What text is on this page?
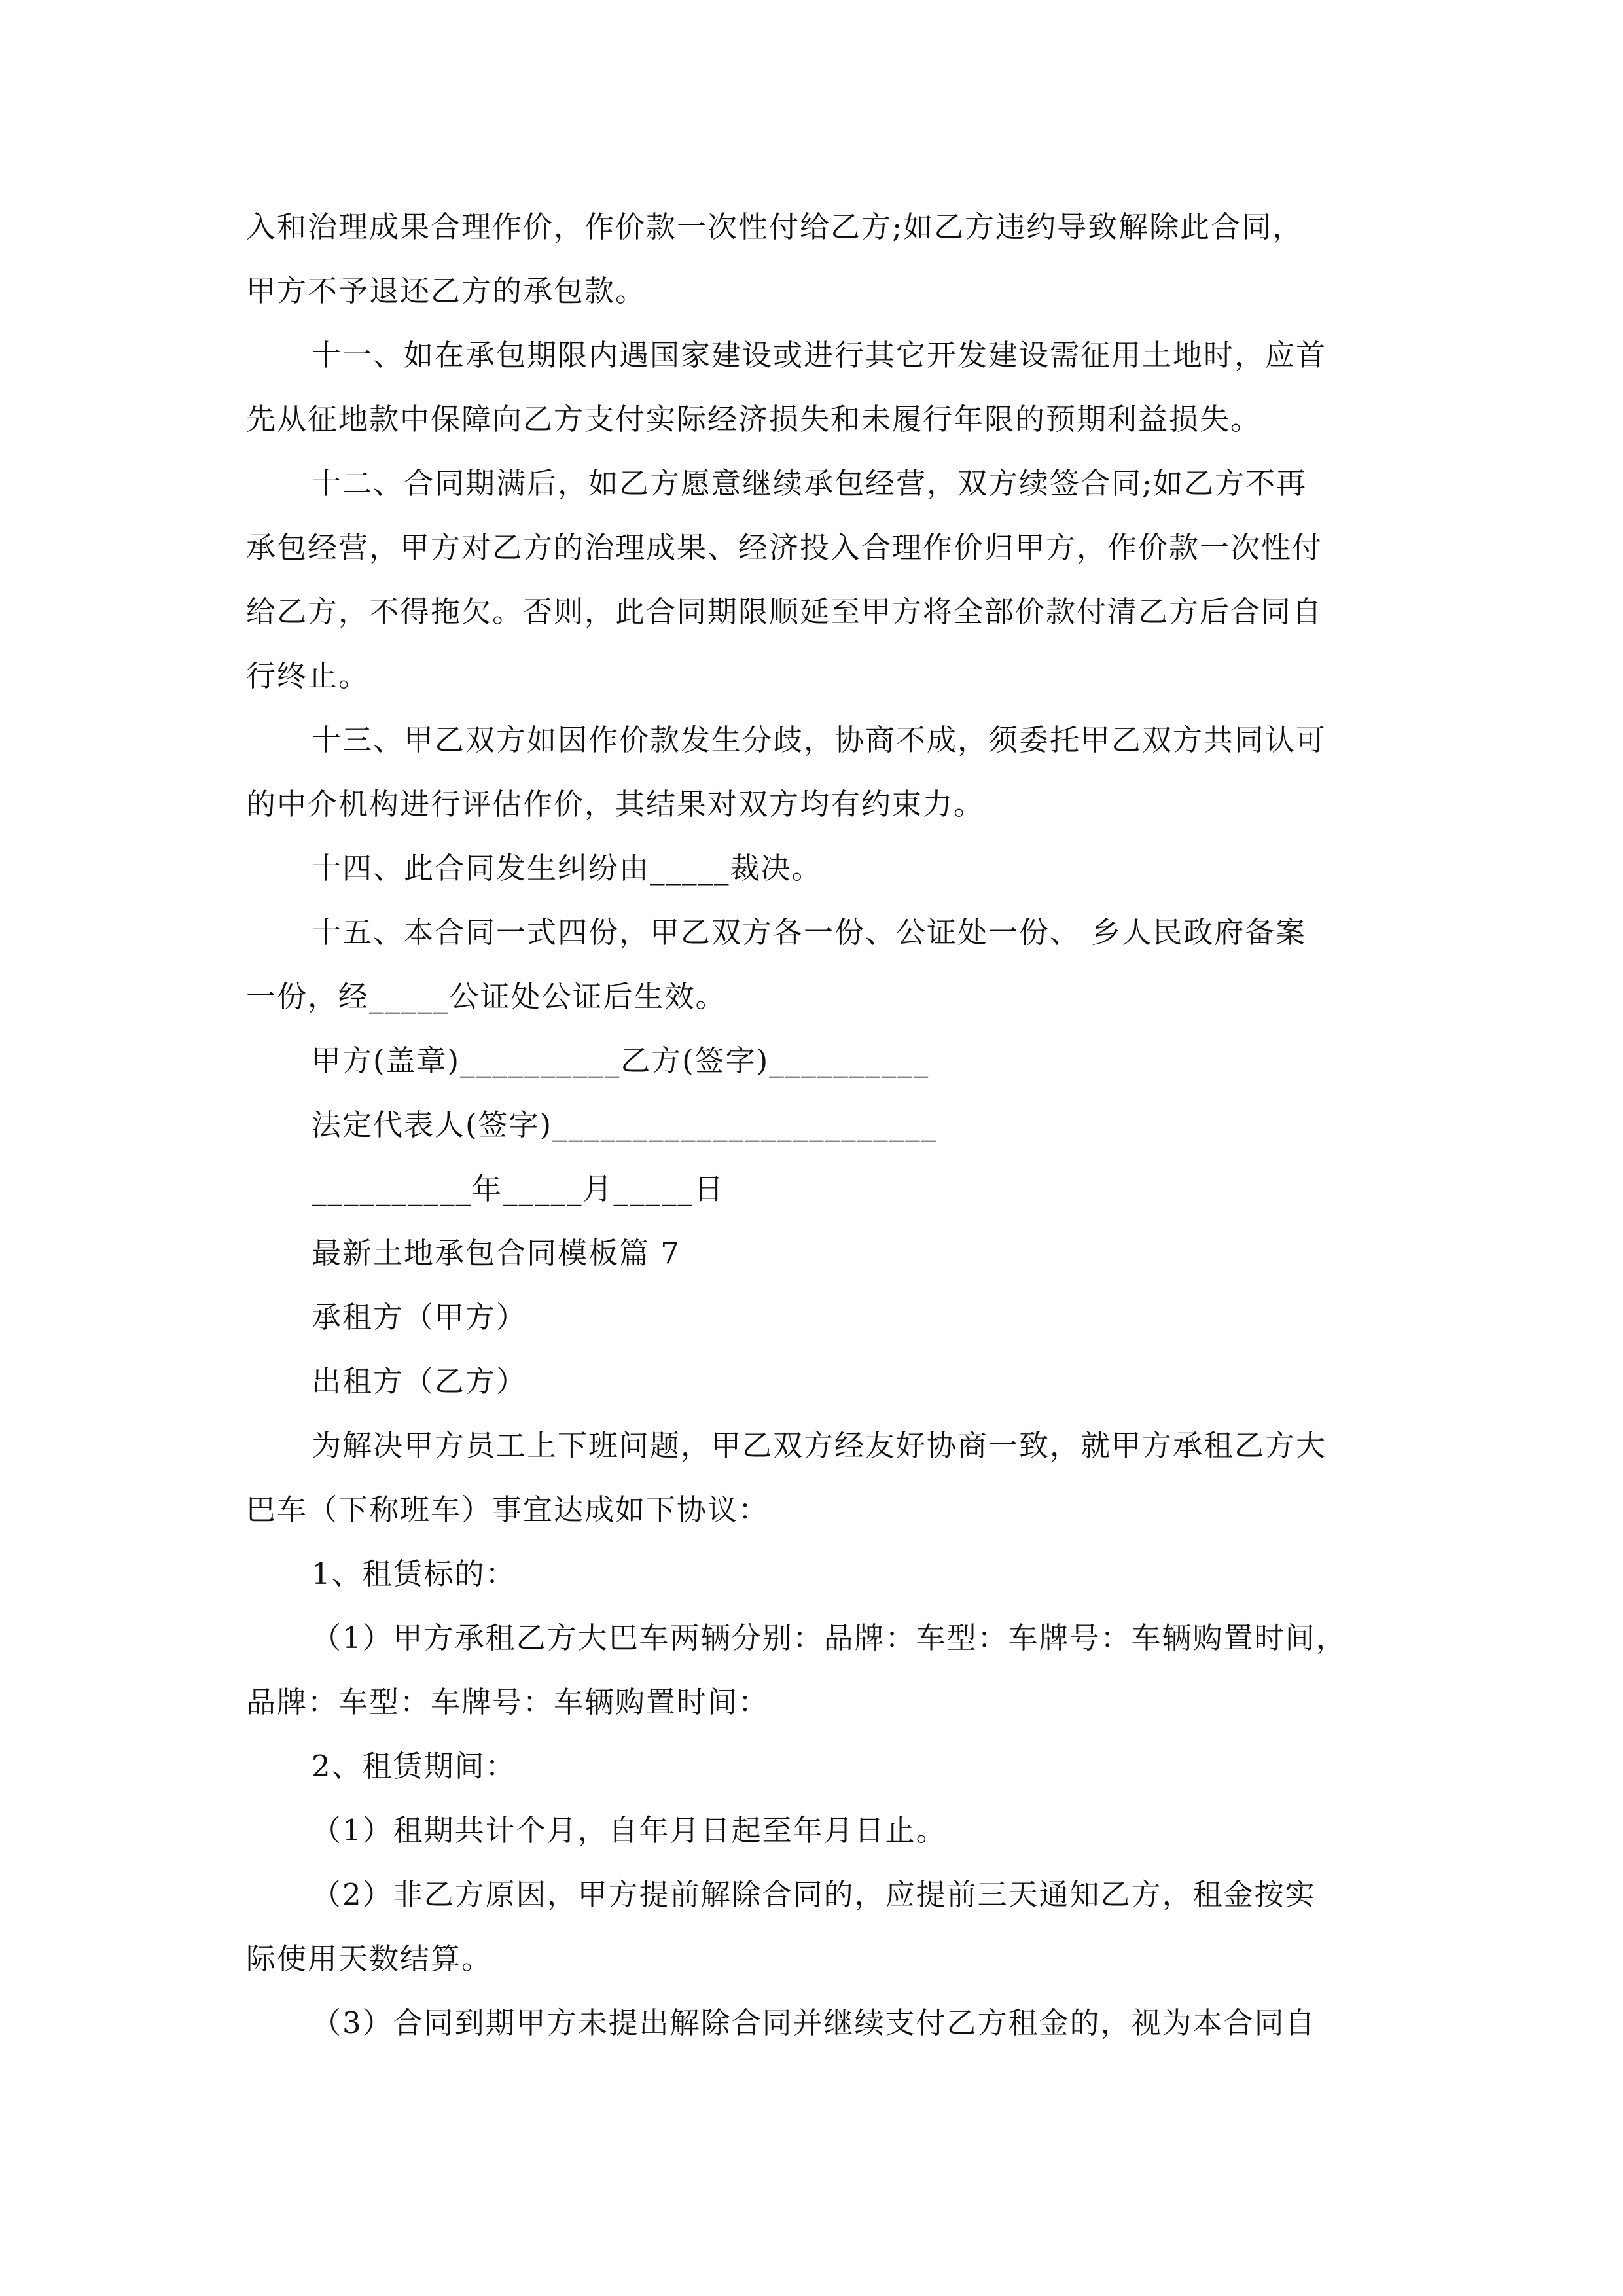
入和治理成果合理作价，作价款一次性付给乙方;如乙方违约导致解除此合同，
甲方不予退还乙方的承包款。
十一、如在承包期限内遇国家建设或进行其它开发建设需征用土地时，应首
先从征地款中保障向乙方支付实际经济损失和未履行年限的预期利益损失。
十二、合同期满后，如乙方愿意继续承包经营，双方续签合同;如乙方不再
承包经营，甲方对乙方的治理成果、经济投入合理作价归甲方，作价款一次性付
给乙方，不得拖欠。否则，此合同期限顺延至甲方将全部价款付清乙方后合同自
行终止。
十三、甲乙双方如因作价款发生分歧，协商不成，须委托甲乙双方共同认可
的中介机构进行评估作价，其结果对双方均有约束力。
十四、此合同发生纠纷由_____裁决。
十五、本合同一式四份，甲乙双方各一份、公证处一份、 乡人民政府备案
一份，经_____公证处公证后生效。
甲方(盖章)__________乙方(签字)__________
法定代表人(签字)________________________
__________年_____月_____日
最新土地承包合同模板篇 7
承租方（甲方）
出租方（乙方）
为解决甲方员工上下班问题，甲乙双方经友好协商一致，就甲方承租乙方大
巴车（下称班车）事宜达成如下协议：
1、租赁标的：
（1）甲方承租乙方大巴车两辆分别：品牌：车型：车牌号：车辆购置时间，
品牌：车型：车牌号：车辆购置时间：
2、租赁期间：
（1）租期共计个月，自年月日起至年月日止。
（2）非乙方原因，甲方提前解除合同的，应提前三天通知乙方，租金按实
际使用天数结算。
（3）合同到期甲方未提出解除合同并继续支付乙方租金的，视为本合同自
